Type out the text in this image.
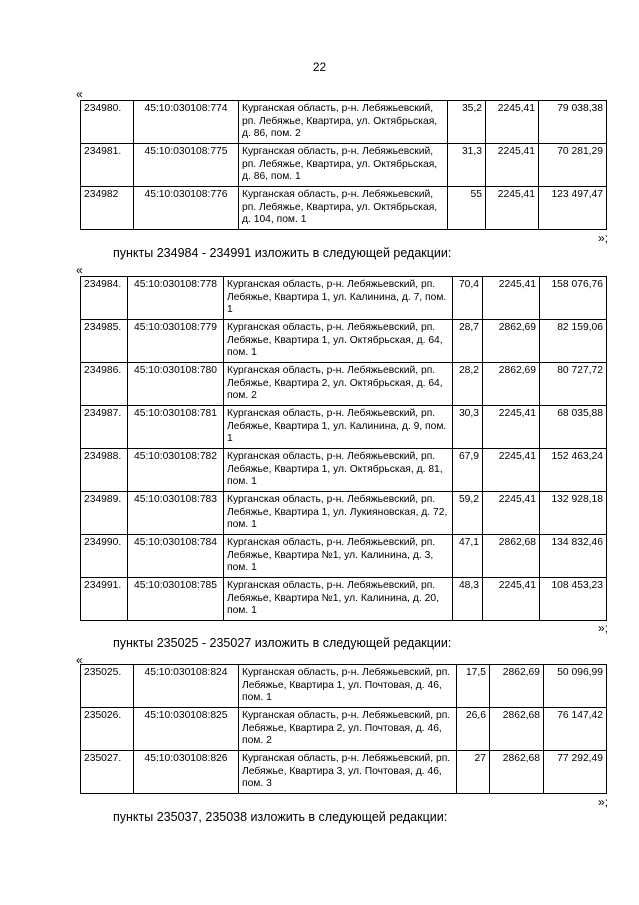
22
«
234980.	45:10:030108:774	Курганская область, р-н. Лебяжьевский, рп. Лебяжье, Квартира, ул. Октябрьская, д. 86, пом. 2	35,2	2245,41	79 038,38
234981.	45:10:030108:775	Курганская область, р-н. Лебяжьевский, рп. Лебяжье, Квартира, ул. Октябрьская, д. 86, пом. 1	31,3	2245,41	70 281,29
234982	45:10:030108:776	Курганская область, р-н. Лебяжьевский, рп. Лебяжье, Квартира, ул. Октябрьская, д. 104, пом. 1	55	2245,41	123 497,47
»;
пункты 234984 - 234991 изложить в следующей редакции:
«
234984.	45:10:030108:778	Курганская область, р-н. Лебяжьевский, рп. Лебяжье, Квартира 1, ул. Калинина, д. 7, пом. 1	70,4	2245,41	158 076,76
234985.	45:10:030108:779	Курганская область, р-н. Лебяжьевский, рп. Лебяжье, Квартира 1, ул. Октябрьская, д. 64, пом. 1	28,7	2862,69	82 159,06
234986.	45:10:030108:780	Курганская область, р-н. Лебяжьевский, рп. Лебяжье, Квартира 2, ул. Октябрьская, д. 64, пом. 2	28,2	2862,69	80 727,72
234987.	45:10:030108:781	Курганская область, р-н. Лебяжьевский, рп. Лебяжье, Квартира 1, ул. Калинина, д. 9, пом. 1	30,3	2245,41	68 035,88
234988.	45:10:030108:782	Курганская область, р-н. Лебяжьевский, рп. Лебяжье, Квартира 1, ул. Октябрьская, д. 81, пом. 1	67,9	2245,41	152 463,24
234989.	45:10:030108:783	Курганская область, р-н. Лебяжьевский, рп. Лебяжье, Квартира 1, ул. Лукияновская, д. 72, пом. 1	59,2	2245,41	132 928,18
234990.	45:10:030108:784	Курганская область, р-н. Лебяжьевский, рп. Лебяжье, Квартира №1, ул. Калинина, д. 3, пом. 1	47,1	2862,68	134 832,46
234991.	45:10:030108:785	Курганская область, р-н. Лебяжьевский, рп. Лебяжье, Квартира №1, ул. Калинина, д. 20, пом. 1	48,3	2245,41	108 453,23
»;
пункты 235025 - 235027 изложить в следующей редакции:
«
235025.	45:10:030108:824	Курганская область, р-н. Лебяжьевский, рп. Лебяжье, Квартира 1, ул. Почтовая, д. 46, пом. 1	17,5	2862,69	50 096,99
235026.	45:10:030108:825	Курганская область, р-н. Лебяжьевский, рп. Лебяжье, Квартира 2, ул. Почтовая, д. 46, пом. 2	26,6	2862,68	76 147,42
235027.	45:10:030108:826	Курганская область, р-н. Лебяжьевский, рп. Лебяжье, Квартира 3, ул. Почтовая, д. 46, пом. 3	27	2862,68	77 292,49
»;
пункты 235037, 235038 изложить в следующей редакции:
